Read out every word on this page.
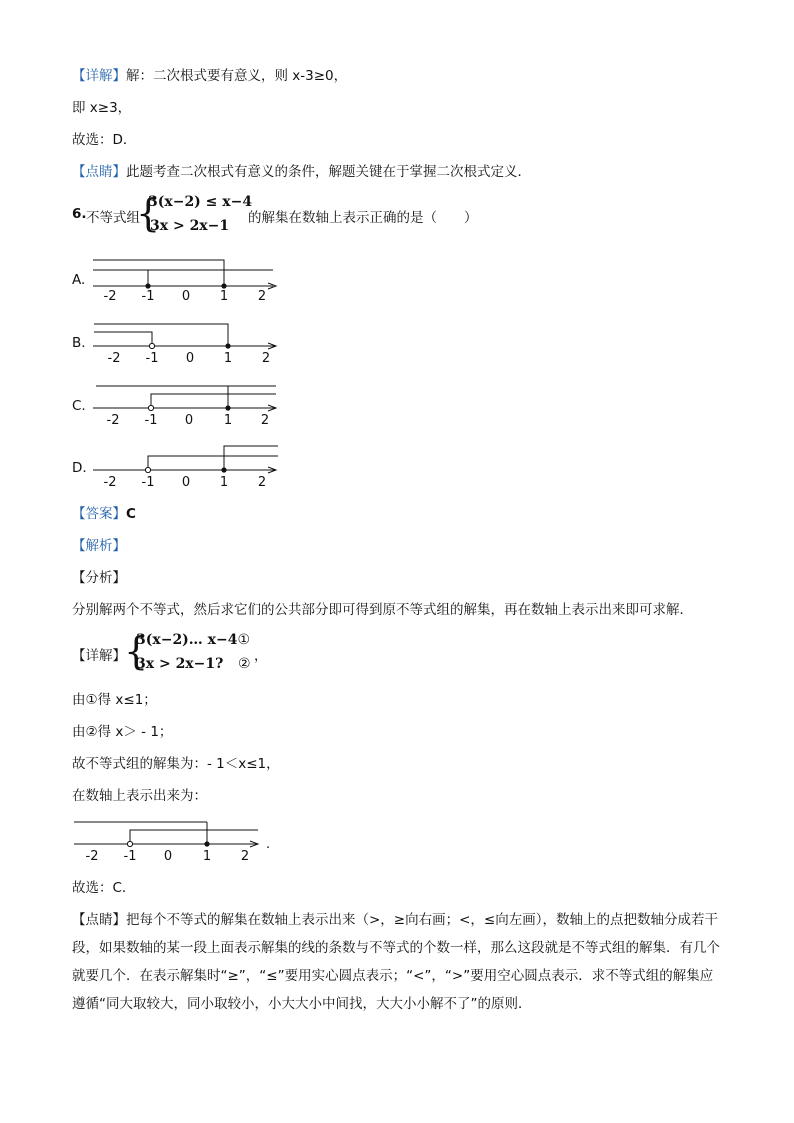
【详解】解：二次根式要有意义，则 x-3≥0，
即 x≥3，
故选：D．
【点睛】此题考查二次根式有意义的条件，解题关键在于掌握二次根式定义．
6. 不等式组
{
3(x−2) ≤ x−4
3x > 2x−1 的解集在数轴上表示正确的是（　　）
A.
-2 -1 0 1 2
B.
-2 -1 0 1 2
C.
-2 -1 0 1 2
D.
-2 -1 0 1 2
【答案】C
【解析】
【分析】
分别解两个不等式，然后求它们的公共部分即可得到原不等式组的解集，再在数轴上表示出来即可求解．
【详解】
{
3(x−2)… x−4①
3x > 2x−1? ② ，
由①得 x≤1；
由②得 x＞ - 1；
故不等式组的解集为：- 1＜x≤1，
在数轴上表示出来为：
-2 -1 0 1 2
.
故选：C．
【点睛】把每个不等式的解集在数轴上表示出来（>，≥向右画；<，≤向左画），数轴上的点把数轴分成若干段，如果数轴的某一段上面表示解集的线的条数与不等式的个数一样，那么这段就是不等式组的解集．有几个就要几个．在表示解集时“≥”，“≤”要用实心圆点表示；“<”，“>”要用空心圆点表示．求不等式组的解集应遵循“同大取较大，同小取较小，小大大小中间找，大大小小解不了”的原则．
